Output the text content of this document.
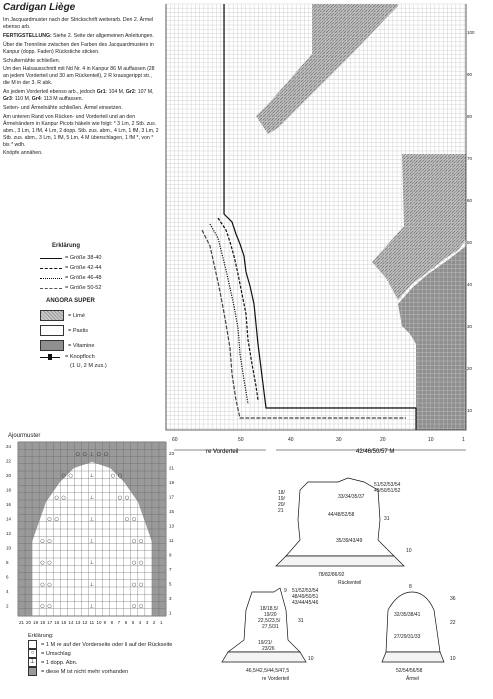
Cardigan Liège

Im Jacquardmuster nach der Strickschrift weiterarb. Den 2. Ärmel ebenso arb.

FERTIGSTELLUNG: Siehe 2. Seite der allgemeinen Anleitungen.

Über die Trennlinie zwischen den Farben des Jacquardmusters in Kanpur (dopp. Faden) Rückstiche sticken.

Schulternähte schließen.

Um den Halsausschnitt mit Nd Nr. 4 in Kanpur 86 M auffassen (28 an jedem Vorderteil und 30 am Rückenteil), 2 R krausgerippt str., die M in der 3. R abk.

An jedem Vorderteil ebenso arb., jedoch Gr1: 104 M, Gr2: 107 M, Gr3: 110 M, Gr4: 113 M auffassen.

Seiten- und Ärmelnähte schließen. Ärmel einsetzen.

Am unteren Rand von Rücken- und Vorderteil und an den Ärmelrändern in Kanpur Picots häkeln wie folgt: * 3 Lm, 2 Stb. zus. abm., 3 Lm, 1 fM, 4 Lm, 2 dopp. Stb. zus. abm., 4 Lm, 1 fM, 3 Lm, 2 Stb. zus. abm., 3 Lm, 1 fM, 5 Lm, 4 M überschlagen, 1 fM *, von * bis * wdh.

Knöpfe annähen.

Erklärung
= Größe 38-40
= Größe 42-44
= Größe 46-48
= Größe 50-52
ANGORA SUPER
= Limé
= Pastis
= Vitamine
= Knopfloch
(1 U, 2 M zus.)
60	50	40	30	20	10	1
re Vorderteil	42/46/50/57 M
100
90
80
70
60
50
40
30
20
10
Ajourmuster
24
22
20
18
16
14
12
10
8
6
4
2
23
21
19
17
15
13
11
9
7
5
3
1
21 20 19 18 17 16 15 14 13 12 11 10 9 8 7 6 5 4 3 2 1
○ ○ ○ ○
⊥
○ ○	○ ○
⊥
○ ○	○ ○
⊥
○ ○	○ ○
⊥
○ ○	○ ○
⊥
○ ○	○ ○
⊥
○ ○	○ ○
⊥
○ ○	○ ○
⊥
Erklärung:
= 1 M re auf der Vorderseite oder li auf der Rückseite
○	= Umschlag
⊥	= 1 dopp. Abn.
= diese M ist nicht mehr vorhanden
33/34/35/37
18/
19/
20/
21
44/48/52/58
31
35/39/43/49
10
51/52/53/54
49/50/51/52
78/82/86/92
Rückenteil
9 51/52/53/54
48/49/50/51
43/44/45/46
18/18,5/
19/20
22,5/23,5/
27,5/31
31
19/21/
23/26
10
46,5/42,5/44,5/47,5
re Vorderteil
8
32/35/38/41
36
22
27/29/31/33
10
52/54/56/58
Ärmel
